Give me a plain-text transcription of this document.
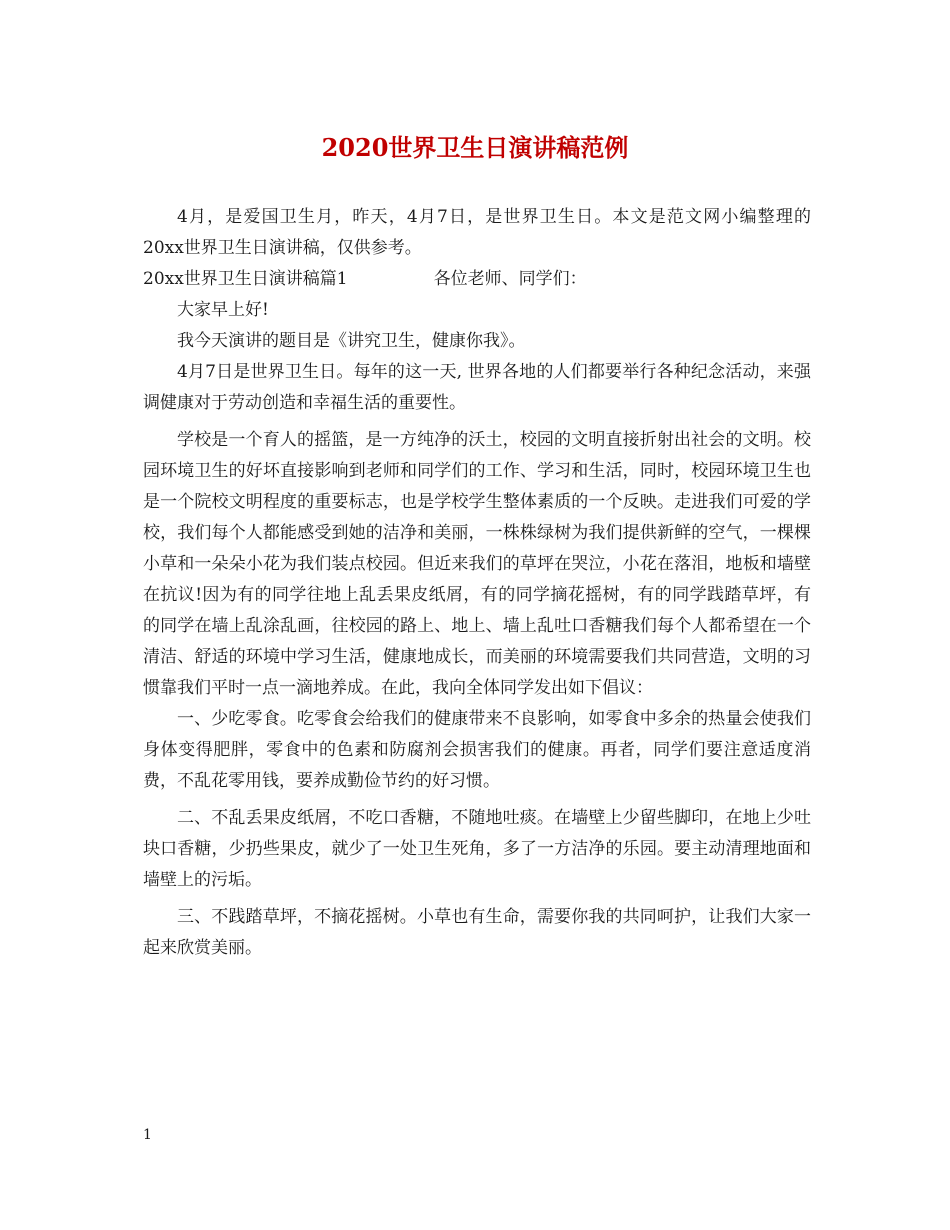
2020世界卫生日演讲稿范例

4月，是爱国卫生月，昨天，4月7日，是世界卫生日。本文是范文网小编整理的20xx世界卫生日演讲稿，仅供参考。

20xx世界卫生日演讲稿篇1	各位老师、同学们：

大家早上好!

我今天演讲的题目是《讲究卫生，健康你我》。

4月7日是世界卫生日。每年的这一天, 世界各地的人们都要举行各种纪念活动，来强调健康对于劳动创造和幸福生活的重要性。

学校是一个育人的摇篮，是一方纯净的沃土，校园的文明直接折射出社会的文明。校园环境卫生的好坏直接影响到老师和同学们的工作、学习和生活，同时，校园环境卫生也是一个院校文明程度的重要标志，也是学校学生整体素质的一个反映。走进我们可爱的学校，我们每个人都能感受到她的洁净和美丽，一株株绿树为我们提供新鲜的空气，一棵棵小草和一朵朵小花为我们装点校园。但近来我们的草坪在哭泣，小花在落泪，地板和墙壁在抗议!因为有的同学往地上乱丢果皮纸屑，有的同学摘花摇树，有的同学践踏草坪，有的同学在墙上乱涂乱画，往校园的路上、地上、墙上乱吐口香糖我们每个人都希望在一个清洁、舒适的环境中学习生活，健康地成长，而美丽的环境需要我们共同营造，文明的习惯靠我们平时一点一滴地养成。在此，我向全体同学发出如下倡议：

一、少吃零食。吃零食会给我们的健康带来不良影响，如零食中多余的热量会使我们身体变得肥胖，零食中的色素和防腐剂会损害我们的健康。再者，同学们要注意适度消费，不乱花零用钱，要养成勤俭节约的好习惯。

二、不乱丢果皮纸屑，不吃口香糖，不随地吐痰。在墙壁上少留些脚印，在地上少吐块口香糖，少扔些果皮，就少了一处卫生死角，多了一方洁净的乐园。要主动清理地面和墙壁上的污垢。

三、不践踏草坪，不摘花摇树。小草也有生命，需要你我的共同呵护，让我们大家一起来欣赏美丽。

1
